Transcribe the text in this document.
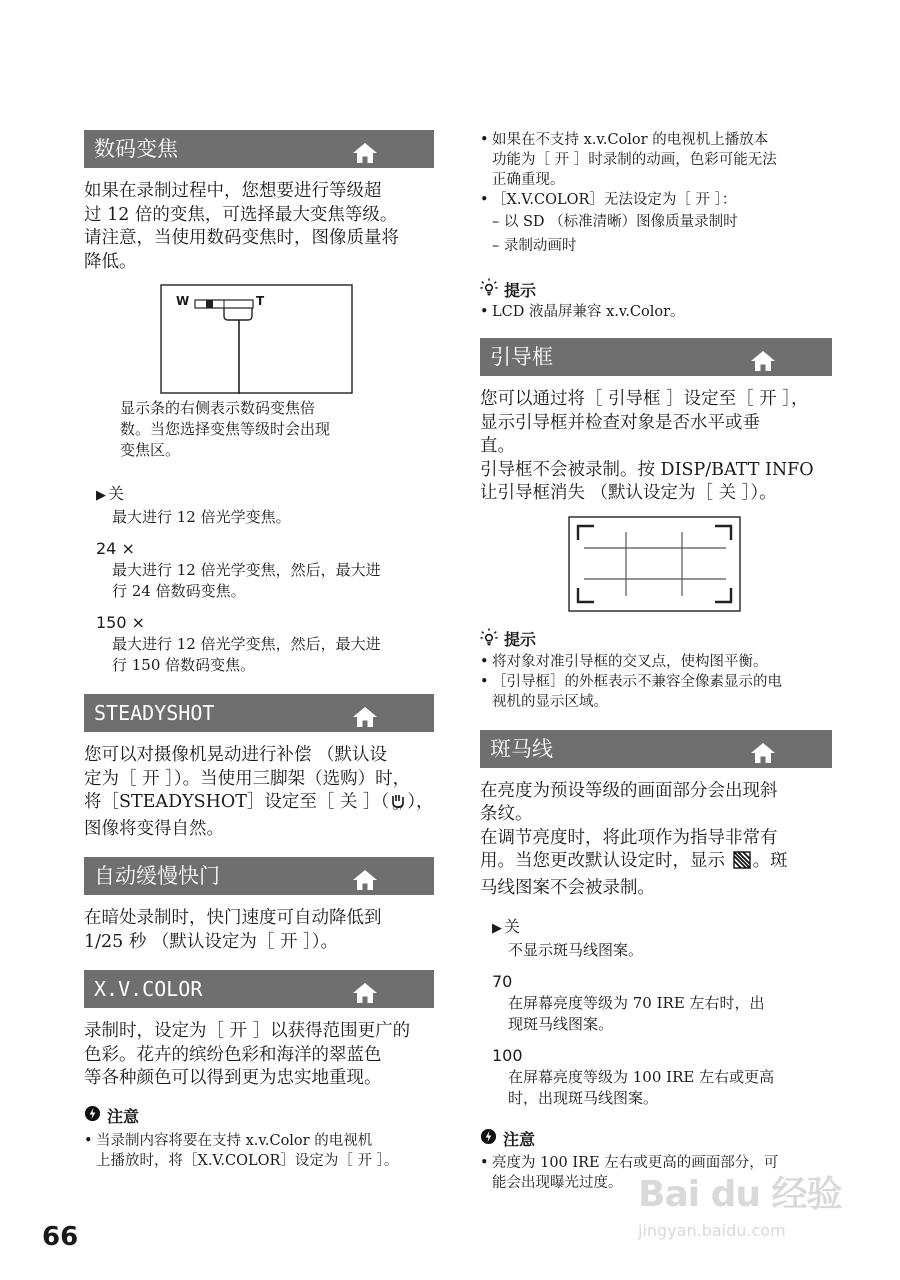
数码变焦

如果在录制过程中，您想要进行等级超

过 12 倍的变焦，可选择最大变焦等级。

请注意，当使用数码变焦时，图像质量将

降低。

W	T

显示条的右侧表示数码变焦倍

数。当您选择变焦等级时会出现

变焦区。

▶ 关

最大进行 12 倍光学变焦。

24 ×

最大进行 12 倍光学变焦，然后，最大进

行 24 倍数码变焦。

150 ×

最大进行 12 倍光学变焦，然后，最大进

行 150 倍数码变焦。

STEADYSHOT

您可以对摄像机晃动进行补偿 （默认设

定为［ 开 ］）。当使用三脚架（选购）时，

将［STEADYSHOT］设定至［ 关 ］（ OFF ），

图像将变得自然。

自动缓慢快门

在暗处录制时，快门速度可自动降低到

1/25 秒 （默认设定为［ 开 ］）。

X.V.COLOR

录制时，设定为［ 开 ］以获得范围更广的

色彩。花卉的缤纷色彩和海洋的翠蓝色

等各种颜色可以得到更为忠实地重现。

注意
• 当录制内容将要在支持 x.v.Color 的电视机

上播放时，将［X.V.COLOR］设定为［ 开 ］。

• 如果在不支持 x.v.Color 的电视机上播放本

功能为［ 开 ］时录制的动画，色彩可能无法

正确重现。

• ［X.V.COLOR］无法设定为［ 开 ］：

– 以 SD （标准清晰）图像质量录制时

– 录制动画时

提示
• LCD 液晶屏兼容 x.v.Color。

引导框

您可以通过将［ 引导框 ］设定至［ 开 ］，

显示引导框并检查对象是否水平或垂

直。

引导框不会被录制。按 DISP/BATT INFO

让引导框消失 （默认设定为［ 关 ］）。

提示
• 将对象对准引导框的交叉点，使构图平衡。

• ［引导框］的外框表示不兼容全像素显示的电

视机的显示区域。

斑马线

在亮度为预设等级的画面部分会出现斜

条纹。

在调节亮度时，将此项作为指导非常有

用。当您更改默认设定时，显示 。斑

马线图案不会被录制。

▶ 关

不显示斑马线图案。

70

在屏幕亮度等级为 70 IRE 左右时，出

现斑马线图案。

100

在屏幕亮度等级为 100 IRE 左右或更高

时，出现斑马线图案。

注意
• 亮度为 100 IRE 左右或更高的画面部分，可

能会出现曝光过度。

66
Bai du 经验
jingyan.baidu.com
